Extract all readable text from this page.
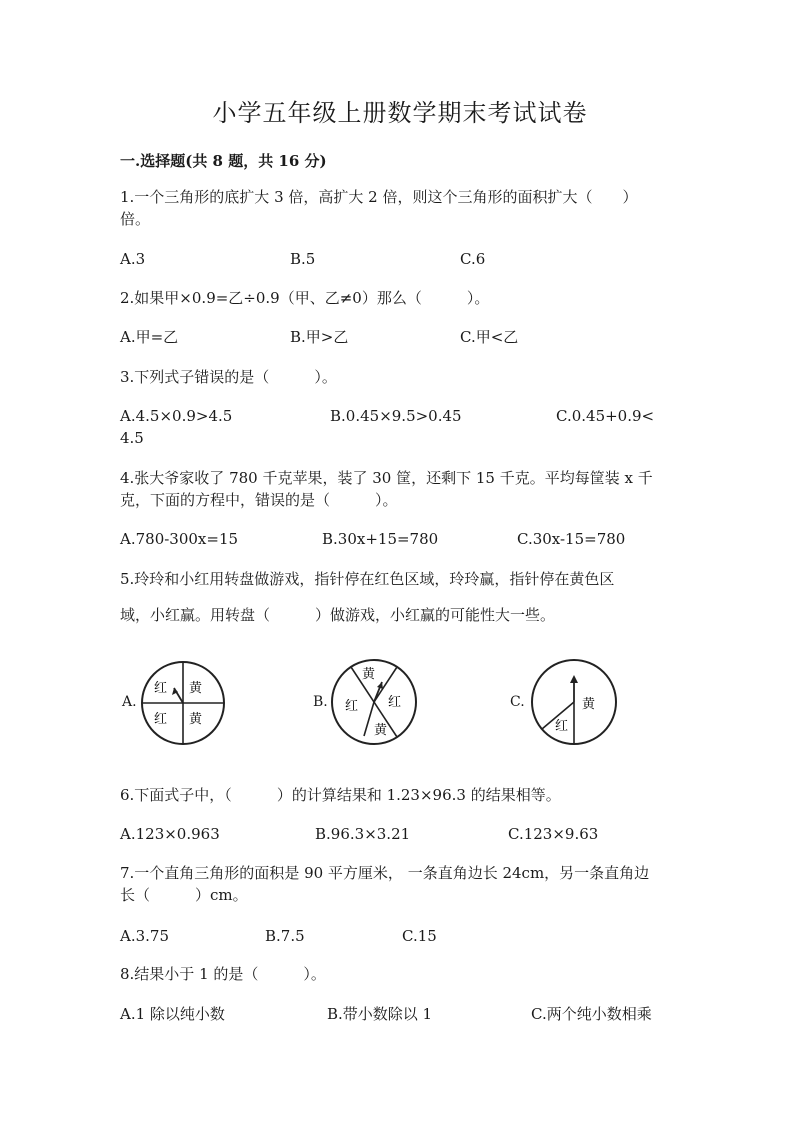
小学五年级上册数学期末考试试卷
一.选择题(共 8 题，共 16 分)
1.一个三角形的底扩大 3 倍，高扩大 2 倍，则这个三角形的面积扩大（　　）
倍。
A.3	B.5	C.6
2.如果甲×0.9=乙÷0.9（甲、乙≠0）那么（　　　）。
A.甲=乙	B.甲>乙	C.甲<乙
3.下列式子错误的是（　　　）。
A.4.5×0.9>4.5	B.0.45×9.5>0.45	C.0.45+0.9<
4.5
4.张大爷家收了 780 千克苹果，装了 30 筐，还剩下 15 千克。平均每筐装 x 千
克，下面的方程中，错误的是（　　　）。
A.780-300x=15	B.30x+15=780	C.30x-15=780
5.玲玲和小红用转盘做游戏，指针停在红色区域，玲玲赢，指针停在黄色区
域，小红赢。用转盘（　　　）做游戏，小红赢的可能性大一些。
A.
红 黄
红 黄
B.
黄
红
红
黄
C.	黄
红
6.下面式子中，（　　　）的计算结果和 1.23×96.3 的结果相等。
A.123×0.963	B.96.3×3.21	C.123×9.63
7.一个直角三角形的面积是 90 平方厘米， 一条直角边长 24cm，另一条直角边
长（　　　）cm。
A.3.75	B.7.5	C.15
8.结果小于 1 的是（　　　）。
A.1 除以纯小数	B.带小数除以 1	C.两个纯小数相乘
